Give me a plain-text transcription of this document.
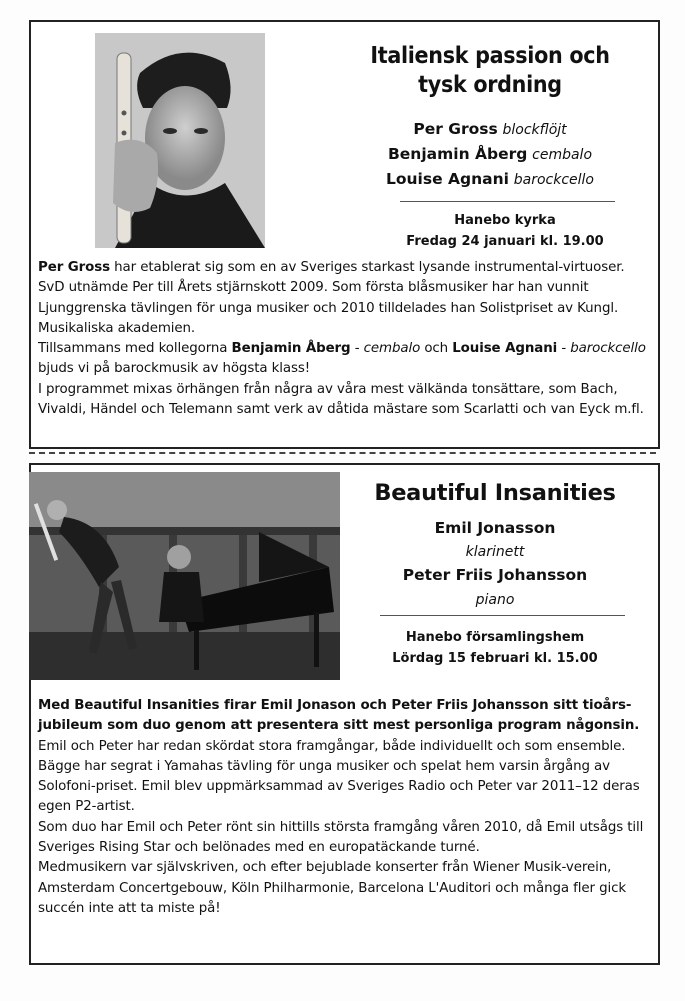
Italiensk passion och
tysk ordning
Per Gross blockflöjt
Benjamin Åberg cembalo
Louise Agnani barockcello
Hanebo kyrka
Fredag 24 januari kl. 19.00

Per Gross har etablerat sig som en av Sveriges starkast lysande instrumental-virtuoser. SvD utnämde Per till Årets stjärnskott 2009. Som första blåsmusiker har han vunnit Ljunggrenska tävlingen för unga musiker och 2010 tilldelades han Solistpriset av Kungl. Musikaliska akademien.

Tillsammans med kollegorna Benjamin Åberg - cembalo och Louise Agnani - barockcello bjuds vi på barockmusik av högsta klass!

I programmet mixas örhängen från några av våra mest välkända tonsättare, som Bach, Vivaldi, Händel och Telemann samt verk av dåtida mästare som Scarlatti och van Eyck m.fl.

Beautiful Insanities
Emil Jonasson
klarinett
Peter Friis Johansson
piano
Hanebo församlingshem
Lördag 15 februari kl. 15.00

Med Beautiful Insanities firar Emil Jonason och Peter Friis Johansson sitt tioårs-jubileum som duo genom att presentera sitt mest personliga program någonsin.

Emil och Peter har redan skördat stora framgångar, både individuellt och som ensemble. Bägge har segrat i Yamahas tävling för unga musiker och spelat hem varsin årgång av Solofoni-priset. Emil blev uppmärksammad av Sveriges Radio och Peter var 2011–12 deras egen P2-artist.

Som duo har Emil och Peter rönt sin hittills största framgång våren 2010, då Emil utsågs till Sveriges Rising Star och belönades med en europatäckande turné.

Medmusikern var självskriven, och efter bejublade konserter från Wiener Musik-verein, Amsterdam Concertgebouw, Köln Philharmonie, Barcelona L'Auditori och många fler gick succén inte att ta miste på!
